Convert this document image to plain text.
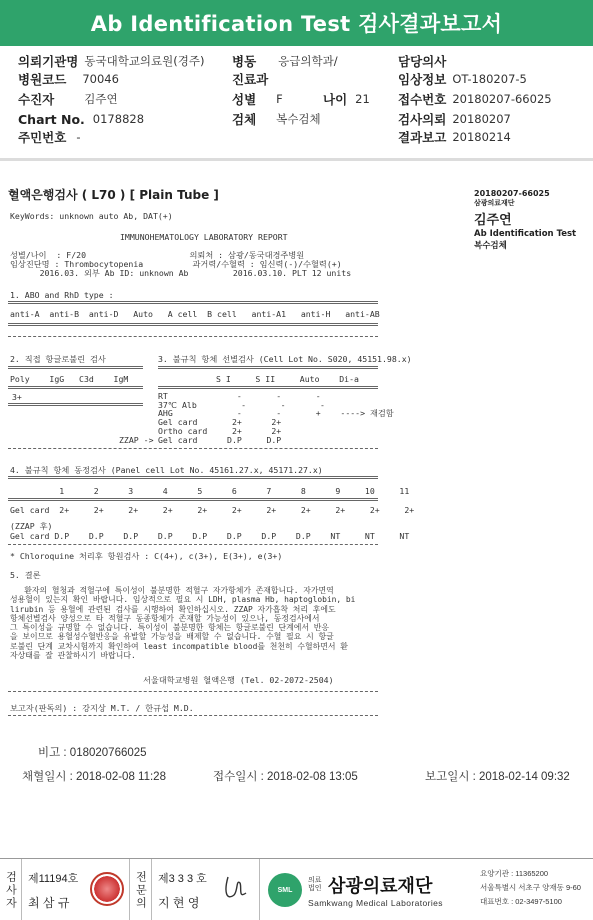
Ab Identification Test 검사결과보고서
의뢰기관명 동국대학교의료원(경주) 병동 응급의학과/	담당의사
병원코드 70046	진료과	임상정보 OT-180207-5
수진자	김주연	성별 F	나이 21 접수번호 20180207-66025
Chart No. 0178828	검체 복수검체	검사의뢰 20180207
주민번호 -	결과보고 20180214
20180207-66025
삼광의료재단
김주연
Ab Identification Test
복수검체
혈액은행검사 ( L70 ) [ Plain Tube ]
KeyWords: unknown auto Ab, DAT(+)
IMMUNOHEMATOLOGY LABORATORY REPORT
성별/나이  : F/20                     의뢰처 : 삼광/동국대경주병원
임상진단명 : Thrombocytopenia          과거력/수혈력 : 임신력(-)/수혈력(+)
2016.03. 외부 Ab ID: unknown Ab         2016.03.10. PLT 12 units
1. ABO and RhD type :
anti-A  anti-B  anti-D   Auto   A cell  B cell   anti-A1   anti-H   anti-AB
2. 직접 항글로불린 검사	3. 불규칙 항체 선별검사 (Cell Lot No. S020, 45151.98.x)
Poly    IgG   C3d    IgM	S I     S II     Auto    Di-a
3+	RT              -       -       -
37℃ Alb         -       -       -
AHG             -       -       +    ----> 재검함
Gel card       2+      2+
Ortho card     2+      2+
Gel card      D.P     D.P
ZZAP ->
4. 불규칙 항체 동정검사 (Panel cell Lot No. 45161.27.x, 45171.27.x)
1      2      3      4      5      6      7      8      9     10     11
Gel card  2+     2+     2+     2+     2+     2+     2+     2+     2+     2+     2+
(ZZAP 후)
Gel card D.P    D.P    D.P    D.P    D.P    D.P    D.P    D.P    NT     NT     NT
* Chloroquine 처리후 항원검사 : C(4+), c(3+), E(3+), e(3+)
5. 결론
환자의 혈청과 적혈구에 특이성이 불분명한 적혈구 자가항체가 존재합니다. 자가면역
성용혈이 있는지 확인 바랍니다. 임상적으로 필요 시 LDH, plasma Hb, haptoglobin, bi
lirubin 등 용혈에 관련된 검사를 시행하여 확인하십시오. ZZAP 자가흡착 처리 후에도
항체선별검사 양성으로 타 적혈구 동종항체가 존재할 가능성이 있으나, 동정검사에서
그 특이성을 규명할 수 없습니다. 특이성이 불분명한 항체는 항글로불린 단계에서 반응
을 보이므로 용혈성수혈반응을 유발할 가능성을 배제할 수 없습니다. 수혈 필요 시 항글
로불린 단계 교차시험까지 확인하여 least incompatible blood를 천천히 수혈하면서 환
자상태를 잘 관찰하시기 바랍니다.
서울대학교병원 혈액은행 (Tel. 02-2072-2504)
보고자(판독의) : 강지상 M.T. / 한규섭 M.D.
비고 : 018020766025
채혈일시 : 2018-02-08 11:28	접수일시 : 2018-02-08 13:05	보고일시 : 2018-02-14 09:32
검사자 제11194호
최 삼 규	전문의 제3 3 3 호
지 현 영
SML
의료법인 삼광의료재단
Samkwang Medical Laboratories
요양기관 : 11365200
서울특별시 서초구 양재동 9-60
대표번호 : 02-3497-5100
